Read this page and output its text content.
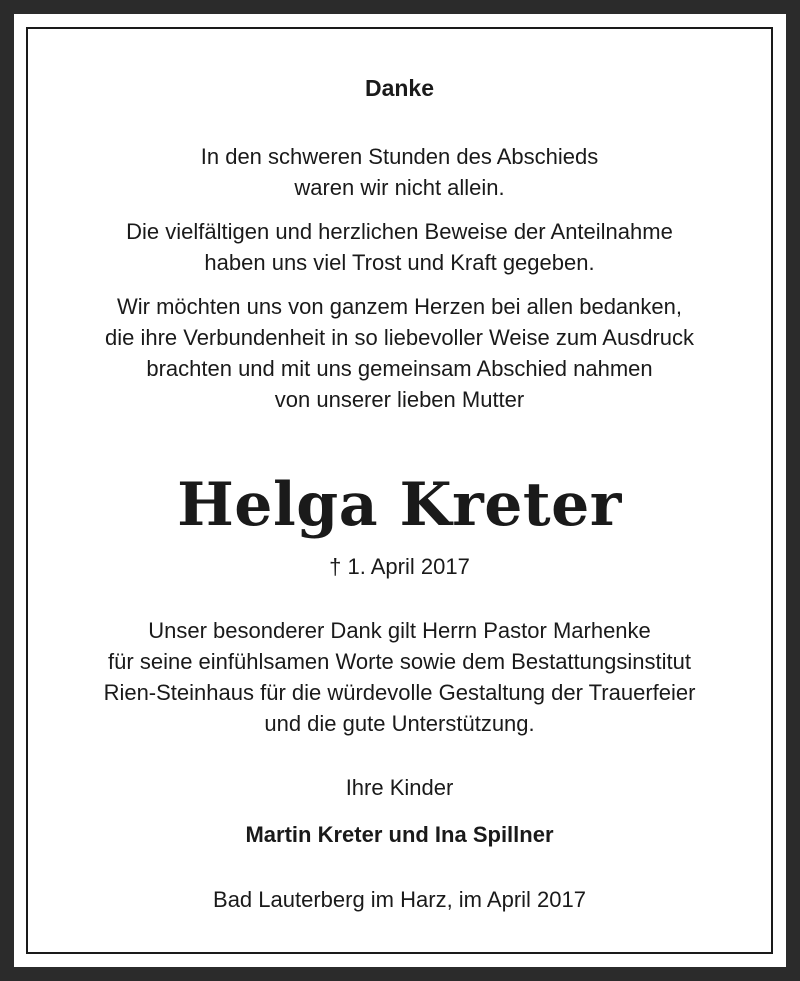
Danke
In den schweren Stunden des Abschieds
waren wir nicht allein.
Die vielfältigen und herzlichen Beweise der Anteilnahme
haben uns viel Trost und Kraft gegeben.
Wir möchten uns von ganzem Herzen bei allen bedanken,
die ihre Verbundenheit in so liebevoller Weise zum Ausdruck
brachten und mit uns gemeinsam Abschied nahmen
von unserer lieben Mutter
Helga Kreter
† 1. April 2017
Unser besonderer Dank gilt Herrn Pastor Marhenke
für seine einfühlsamen Worte sowie dem Bestattungsinstitut
Rien-Steinhaus für die würdevolle Gestaltung der Trauerfeier
und die gute Unterstützung.
Ihre Kinder
Martin Kreter und Ina Spillner
Bad Lauterberg im Harz, im April 2017
